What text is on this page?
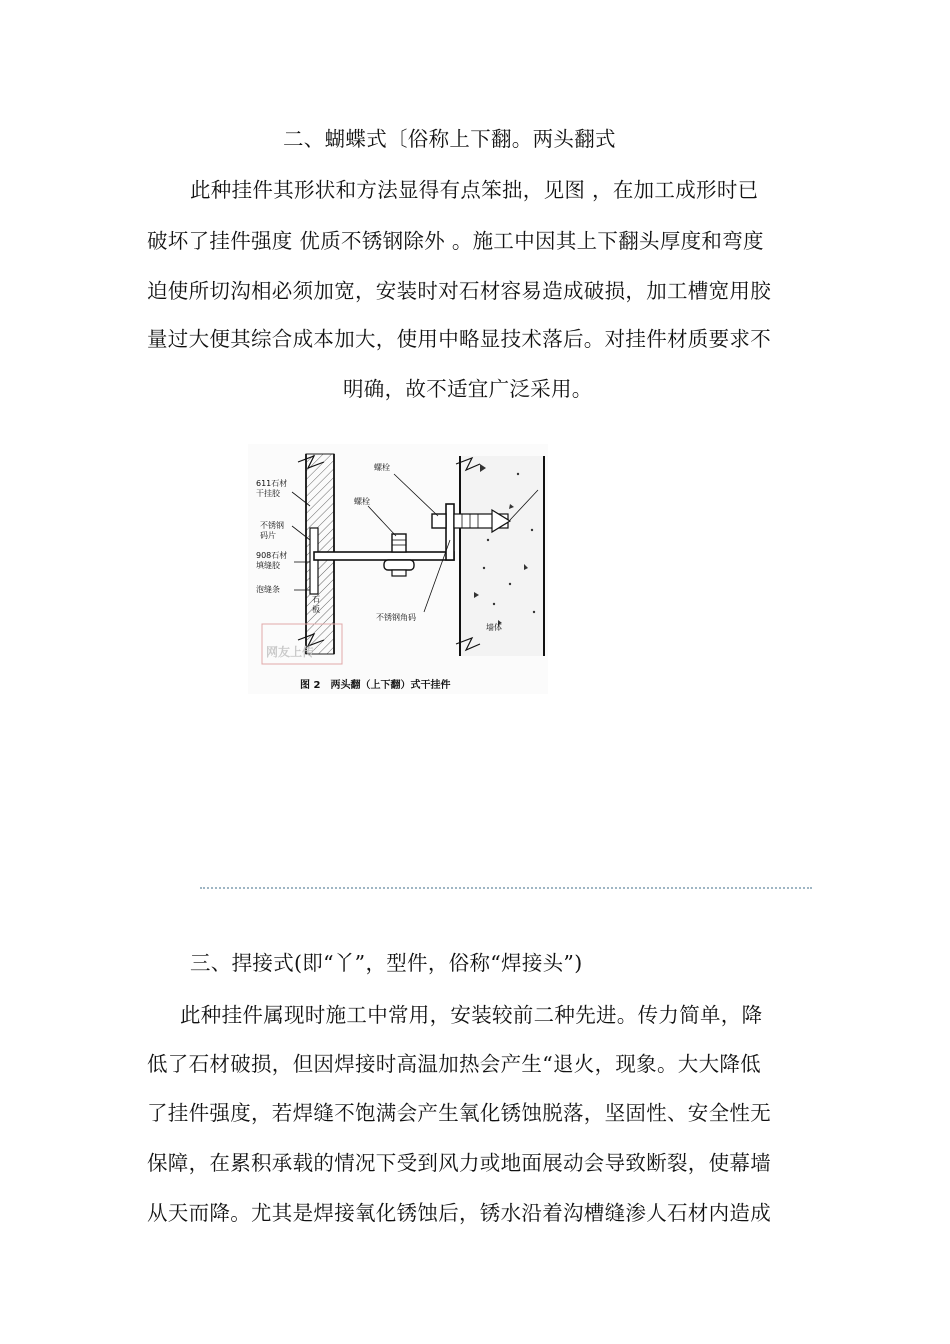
二、蝴蝶式〔俗称上下翻。两头翻式
此种挂件其形状和方法显得有点笨拙，见图 ，在加工成形时已
破坏了挂件强度 优质不锈钢除外 。施工中因其上下翻头厚度和弯度
迫使所切沟相必须加宽，安装时对石材容易造成破损，加工槽宽用胶
量过大便其综合成本加大，使用中略显技术落后。对挂件材质要求不
明确，故不适宜广泛采用。
611石材
干挂胶
不锈钢
码片
908石材
填缝胶
泡缝条
石
板
螺栓
螺栓
不锈钢角码
墙体
网友上传
图 2　两头翻（上下翻）式干挂件
三、捍接式(即“丫”，型件，俗称“焊接头”)
此种挂件属现时施工中常用，安装较前二种先进。传力简单，降
低了石材破损，但因焊接时高温加热会产生“退火，现象。大大降低
了挂件强度，若焊缝不饱满会产生氧化锈蚀脱落，坚固性、安全性无
保障，在累积承载的情况下受到风力或地面展动会导致断裂，使幕墙
从天而降。尤其是焊接氧化锈蚀后，锈水沿着沟槽缝渗人石材内造成
